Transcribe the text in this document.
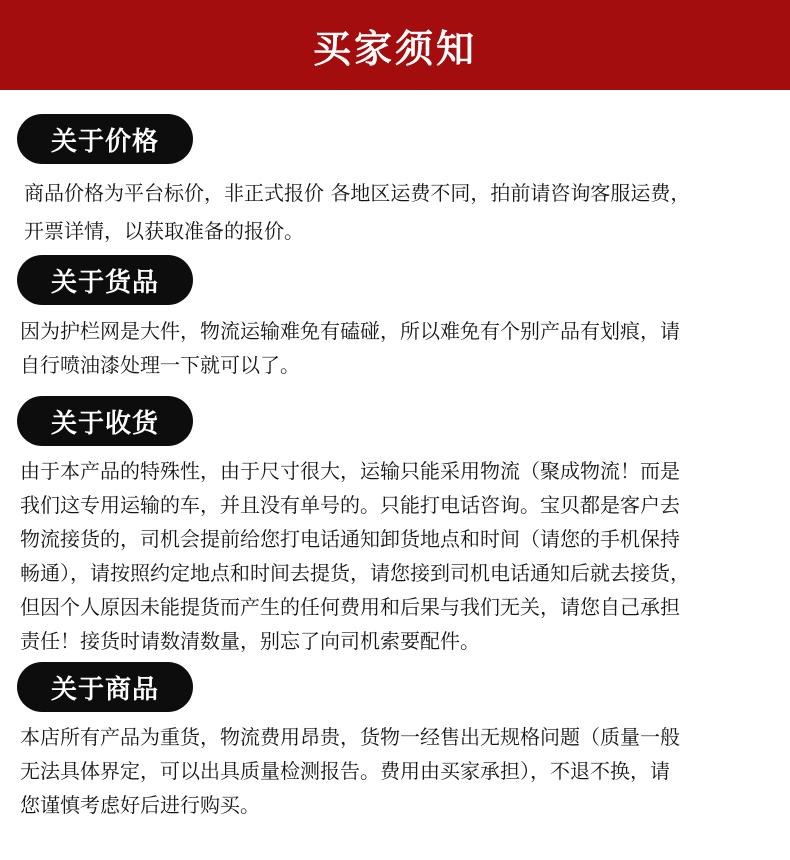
买家须知
关于价格

商品价格为平台标价，非正式报价 各地区运费不同，拍前请咨询客服运费，

开票详情，以获取准备的报价。

关于货品

因为护栏网是大件，物流运输难免有磕碰，所以难免有个别产品有划痕，请

自行喷油漆处理一下就可以了。

关于收货

由于本产品的特殊性，由于尺寸很大，运输只能采用物流（聚成物流！而是

我们这专用运输的车，并且没有单号的。只能打电话咨询。宝贝都是客户去

物流接货的，司机会提前给您打电话通知卸货地点和时间（请您的手机保持

畅通），请按照约定地点和时间去提货，请您接到司机电话通知后就去接货，

但因个人原因未能提货而产生的任何费用和后果与我们无关，请您自己承担

责任！接货时请数清数量，别忘了向司机索要配件。

关于商品

本店所有产品为重货，物流费用昂贵，货物一经售出无规格问题（质量一般

无法具体界定，可以出具质量检测报告。费用由买家承担），不退不换，请

您谨慎考虑好后进行购买。
